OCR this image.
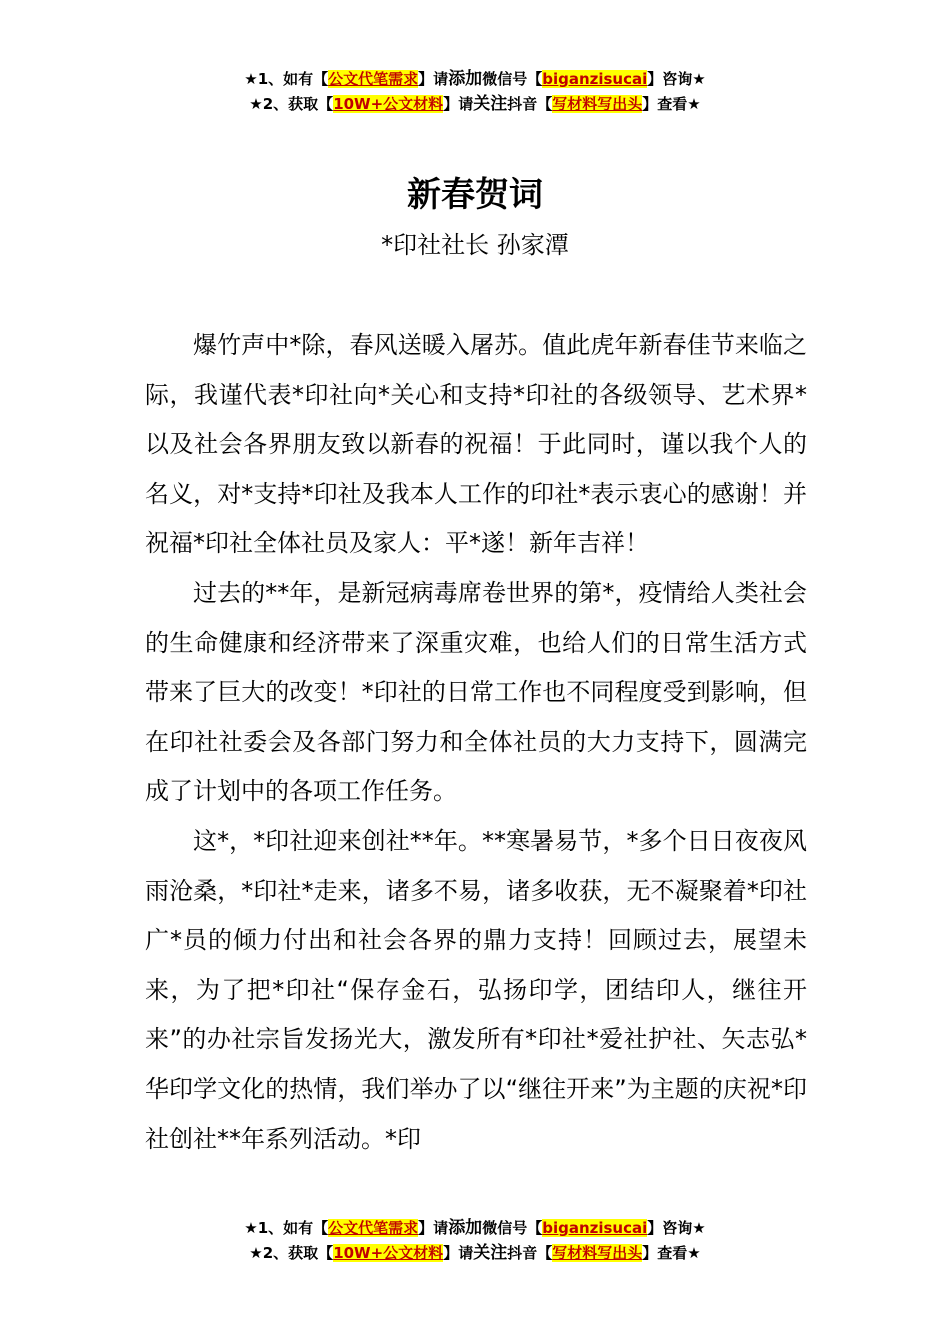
★1、如有【公文代笔需求】请添加微信号【biganzisucai】咨询★
★2、获取【10W+公文材料】请关注抖音【写材料写出头】查看★
新春贺词
*印社社长 孙家潭

爆竹声中*除，春风送暖入屠苏。值此虎年新春佳节来临之际，我谨代表*印社向*关心和支持*印社的各级领导、艺术界*以及社会各界朋友致以新春的祝福！于此同时，谨以我个人的名义，对*支持*印社及我本人工作的印社*表示衷心的感谢！并祝福*印社全体社员及家人：平*遂！新年吉祥！

过去的**年，是新冠病毒席卷世界的第*，疫情给人类社会的生命健康和经济带来了深重灾难，也给人们的日常生活方式带来了巨大的改变！*印社的日常工作也不同程度受到影响，但在印社社委会及各部门努力和全体社员的大力支持下，圆满完成了计划中的各项工作任务。

这*，*印社迎来创社**年。**寒暑易节，*多个日日夜夜风雨沧桑，*印社*走来，诸多不易，诸多收获，无不凝聚着*印社广*员的倾力付出和社会各界的鼎力支持！回顾过去，展望未来，为了把*印社“保存金石，弘扬印学，团结印人，继往开来”的办社宗旨发扬光大，激发所有*印社*爱社护社、矢志弘*华印学文化的热情，我们举办了以“继往开来”为主题的庆祝*印社创社**年系列活动。*印

★1、如有【公文代笔需求】请添加微信号【biganzisucai】咨询★
★2、获取【10W+公文材料】请关注抖音【写材料写出头】查看★
